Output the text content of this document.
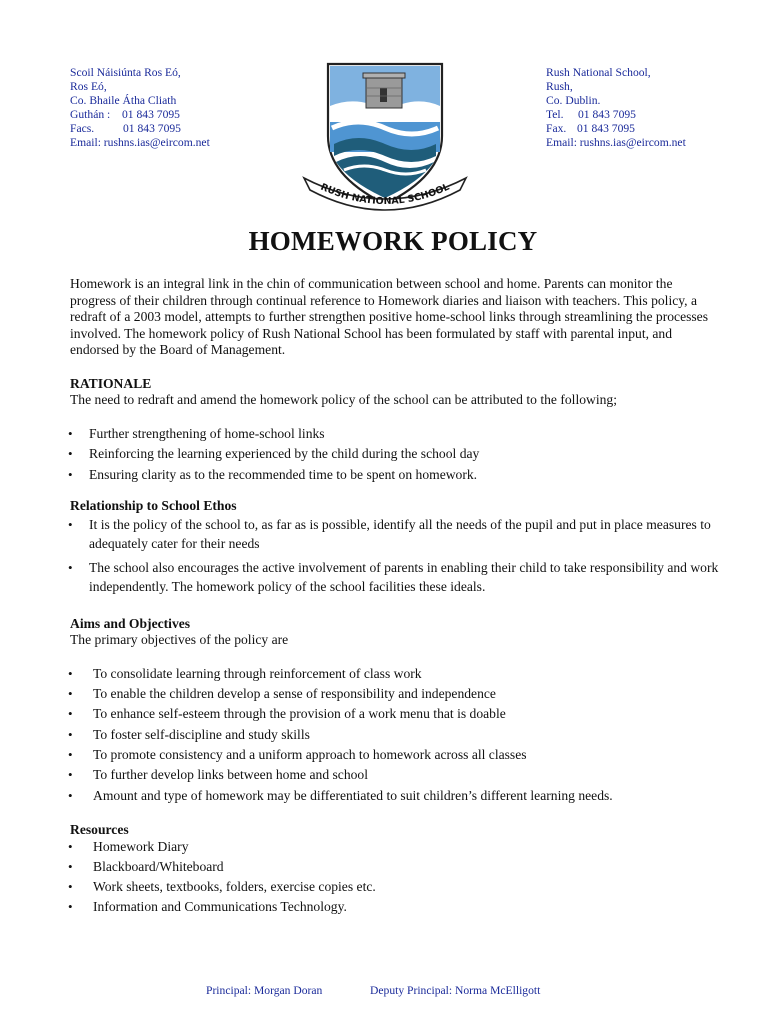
Scoil Náisiúnta Ros Eó,
Ros Eó,
Co. Bhaile Átha Cliath
Guthán : 01 843 7095
Facs. 01 843 7095
Email: rushns.ias@eircom.net
RUSH NATIONAL SCHOOL
Rush National School,
Rush,
Co. Dublin.
Tel. 01 843 7095
Fax. 01 843 7095
Email: rushns.ias@eircom.net
HOMEWORK POLICY

Homework is an integral link in the chin of communication between school and home. Parents can monitor the progress of their children through continual reference to Homework diaries and liaison with teachers. This policy, a redraft of a 2003 model, attempts to further strengthen positive home-school links through streamlining the processes involved. The homework policy of Rush National School has been formulated by staff with parental input, and endorsed by the Board of Management.

RATIONALE

The need to redraft and amend the homework policy of the school can be attributed to the following;

• Further strengthening of home-school links
• Reinforcing the learning experienced by the child during the school day
• Ensuring clarity as to the recommended time to be spent on homework.
Relationship to School Ethos
• It is the policy of the school to, as far as is possible, identify all the needs of the pupil and put in place measures to adequately cater for their needs
• The school also encourages the active involvement of parents in enabling their child to take responsibility and work independently. The homework policy of the school facilities these ideals.
Aims and Objectives

The primary objectives of the policy are

• To consolidate learning through reinforcement of class work
• To enable the children develop a sense of responsibility and independence
• To enhance self-esteem through the provision of a work menu that is doable
• To foster self-discipline and study skills
• To promote consistency and a uniform approach to homework across all classes
• To further develop links between home and school
• Amount and type of homework may be differentiated to suit children’s different learning needs.
Resources
• Homework Diary
• Blackboard/Whiteboard
• Work sheets, textbooks, folders, exercise copies etc.
• Information and Communications Technology.
Principal: Morgan Doran	Deputy Principal: Norma McElligott
